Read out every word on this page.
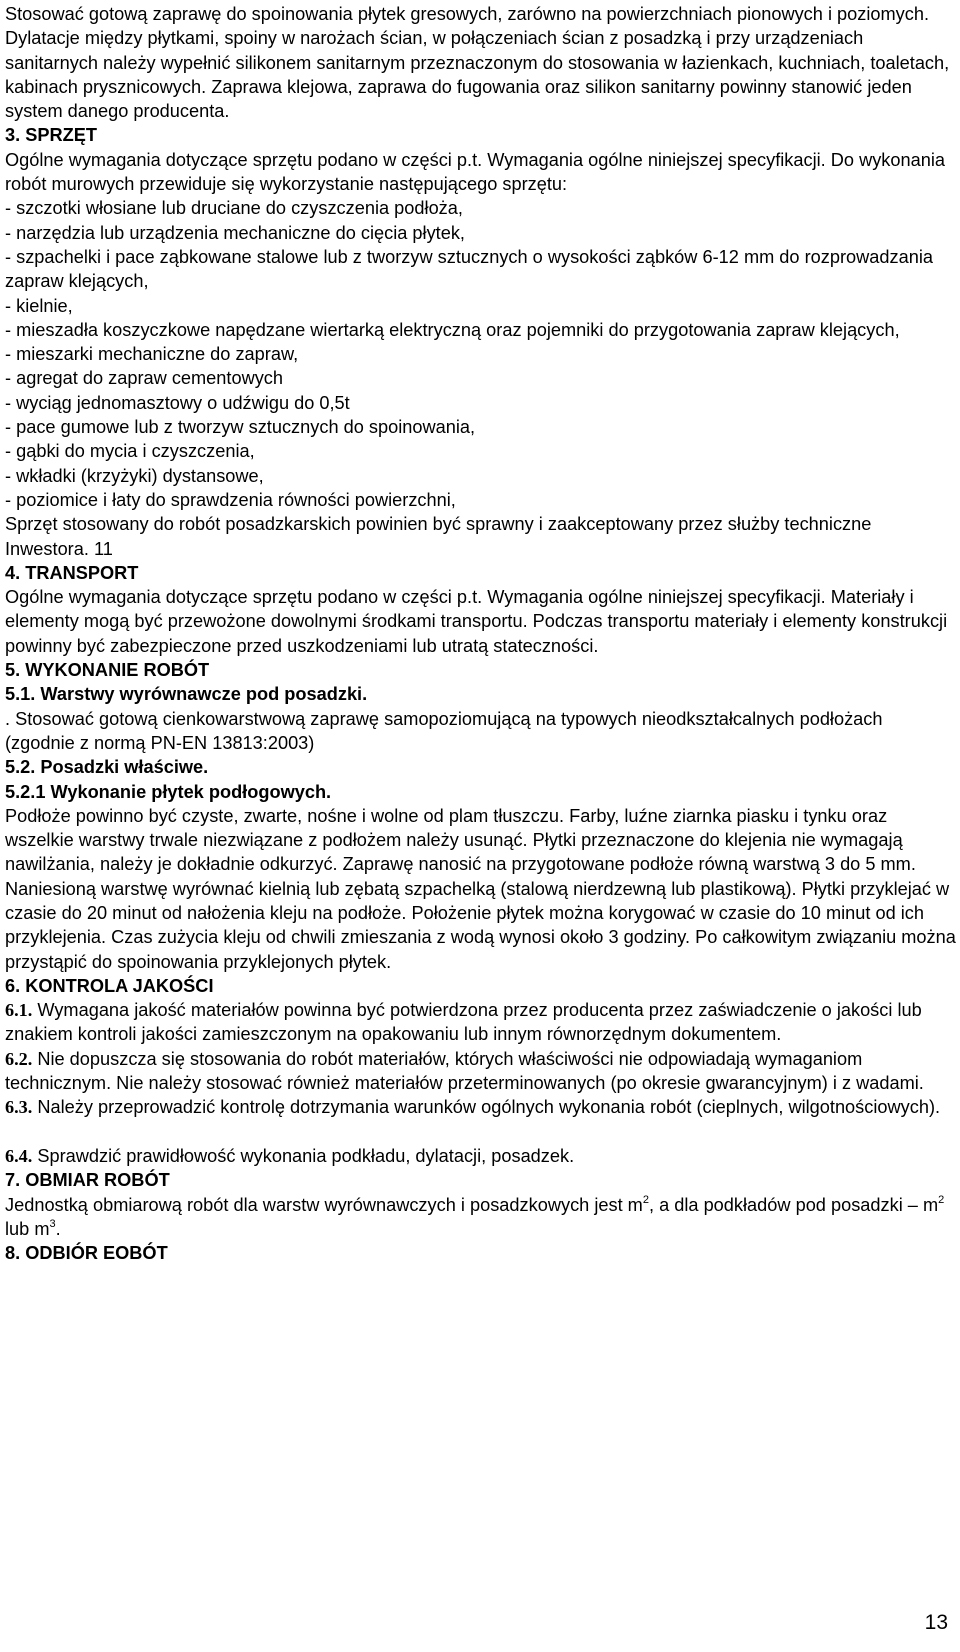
Stosować gotową zaprawę do spoinowania płytek gresowych, zarówno na powierzchniach pionowych i poziomych. Dylatacje między płytkami, spoiny w narożach ścian, w połączeniach ścian z posadzką i przy urządzeniach sanitarnych należy wypełnić silikonem sanitarnym przeznaczonym do stosowania w łazienkach, kuchniach, toaletach, kabinach prysznicowych. Zaprawa klejowa, zaprawa do fugowania oraz silikon sanitarny powinny stanowić jeden system danego producenta.

3. SPRZĘT

Ogólne wymagania dotyczące sprzętu podano w części p.t. Wymagania ogólne niniejszej specyfikacji. Do wykonania robót murowych przewiduje się wykorzystanie następującego sprzętu:

- szczotki włosiane lub druciane do czyszczenia podłoża,

- narzędzia lub urządzenia mechaniczne do cięcia płytek,

- szpachelki i pace ząbkowane stalowe lub z tworzyw sztucznych o wysokości ząbków 6-12 mm do rozprowadzania zapraw klejących,

- kielnie,

- mieszadła koszyczkowe napędzane wiertarką elektryczną oraz pojemniki do przygotowania zapraw klejących,

- mieszarki mechaniczne do zapraw,

- agregat do zapraw cementowych

- wyciąg jednomasztowy o udźwigu do 0,5t

- pace gumowe lub z tworzyw sztucznych do spoinowania,

- gąbki do mycia i czyszczenia,

- wkładki (krzyżyki) dystansowe,

- poziomice i łaty do sprawdzenia równości powierzchni,

Sprzęt stosowany do robót posadzkarskich powinien być sprawny i zaakceptowany przez służby techniczne Inwestora. 11

4. TRANSPORT

Ogólne wymagania dotyczące sprzętu podano w części p.t. Wymagania ogólne niniejszej specyfikacji. Materiały i elementy mogą być przewożone dowolnymi środkami transportu. Podczas transportu materiały i elementy konstrukcji powinny być zabezpieczone przed uszkodzeniami lub utratą stateczności.

5. WYKONANIE ROBÓT

5.1. Warstwy wyrównawcze pod posadzki.

. Stosować gotową cienkowarstwową zaprawę samopoziomującą na typowych nieodkształcalnych podłożach (zgodnie z normą PN-EN 13813:2003)

5.2. Posadzki właściwe.

5.2.1 Wykonanie płytek podłogowych.

Podłoże powinno być czyste, zwarte, nośne i wolne od plam tłuszczu. Farby, luźne ziarnka piasku i tynku oraz wszelkie warstwy trwale niezwiązane z podłożem należy usunąć. Płytki przeznaczone do klejenia nie wymagają nawilżania, należy je dokładnie odkurzyć. Zaprawę nanosić na przygotowane podłoże równą warstwą 3 do 5 mm. Naniesioną warstwę wyrównać kielnią lub zębatą szpachelką (stalową nierdzewną lub plastikową). Płytki przyklejać w czasie do 20 minut od nałożenia kleju na podłoże. Położenie płytek można korygować w czasie do 10 minut od ich przyklejenia. Czas zużycia kleju od chwili zmieszania z wodą wynosi około 3 godziny. Po całkowitym związaniu można przystąpić do spoinowania przyklejonych płytek.

6. KONTROLA JAKOŚCI

6.1. Wymagana jakość materiałów powinna być potwierdzona przez producenta przez zaświadczenie o jakości lub znakiem kontroli jakości zamieszczonym na opakowaniu lub innym równorzędnym dokumentem.

6.2. Nie dopuszcza się stosowania do robót materiałów, których właściwości nie odpowiadają wymaganiom technicznym. Nie należy stosować również materiałów przeterminowanych (po okresie gwarancyjnym) i z wadami.

6.3. Należy przeprowadzić kontrolę dotrzymania warunków ogólnych wykonania robót (cieplnych, wilgotnościowych).

6.4. Sprawdzić prawidłowość wykonania podkładu, dylatacji, posadzek.

7. OBMIAR ROBÓT

Jednostką obmiarową robót dla warstw wyrównawczych i posadzkowych jest $m^2$, a dla podkładów pod posadzki – $m^2$ lub $m^3$.

8. ODBIÓR EOBÓT

13
